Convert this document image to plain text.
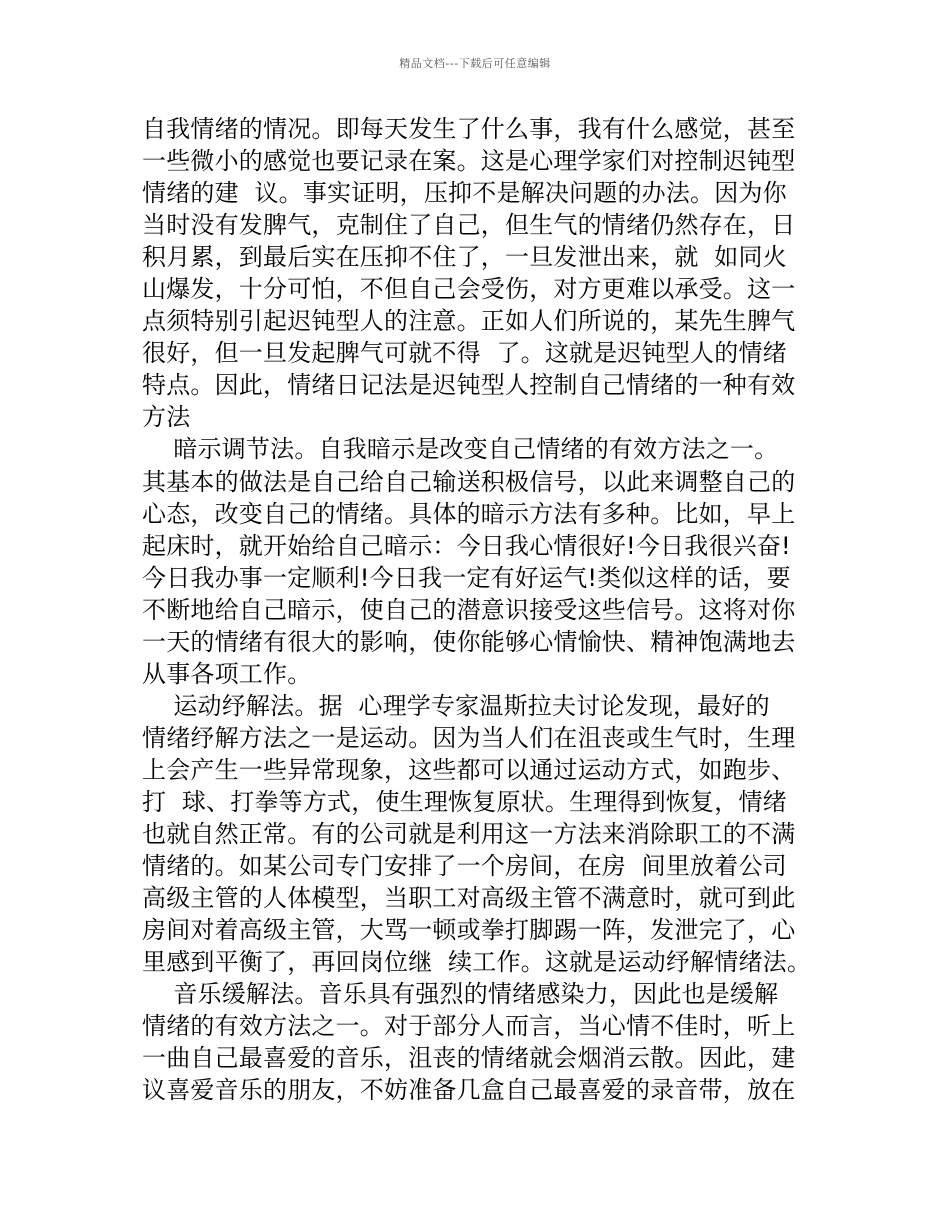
精品文档---下载后可任意编辑
自我情绪的情况。即每天发生了什么事，我有什么感觉，甚至
一些微小的感觉也要记录在案。这是心理学家们对控制迟钝型
情绪的建  议。事实证明，压抑不是解决问题的办法。因为你
当时没有发脾气，克制住了自己，但生气的情绪仍然存在，日
积月累，到最后实在压抑不住了，一旦发泄出来，就  如同火
山爆发，十分可怕，不但自己会受伤，对方更难以承受。这一
点须特别引起迟钝型人的注意。正如人们所说的，某先生脾气
很好，但一旦发起脾气可就不得  了。这就是迟钝型人的情绪
特点。因此，情绪日记法是迟钝型人控制自己情绪的一种有效
方法
暗示调节法。自我暗示是改变自己情绪的有效方法之一。
其基本的做法是自己给自己输送积极信号，以此来调整自己的
心态，改变自己的情绪。具体的暗示方法有多种。比如，早上
起床时，就开始给自己暗示：今日我心情很好!今日我很兴奋!
今日我办事一定顺利!今日我一定有好运气!类似这样的话，要
不断地给自己暗示，使自己的潜意识接受这些信号。这将对你
一天的情绪有很大的影响，使你能够心情愉快、精神饱满地去
从事各项工作。
运动纾解法。据  心理学专家温斯拉夫讨论发现，最好的
情绪纾解方法之一是运动。因为当人们在沮丧或生气时，生理
上会产生一些异常现象，这些都可以通过运动方式，如跑步、
打  球、打拳等方式，使生理恢复原状。生理得到恢复，情绪
也就自然正常。有的公司就是利用这一方法来消除职工的不满
情绪的。如某公司专门安排了一个房间，在房  间里放着公司
高级主管的人体模型，当职工对高级主管不满意时，就可到此
房间对着高级主管，大骂一顿或拳打脚踢一阵，发泄完了，心
里感到平衡了，再回岗位继  续工作。这就是运动纾解情绪法。
音乐缓解法。音乐具有强烈的情绪感染力，因此也是缓解
情绪的有效方法之一。对于部分人而言，当心情不佳时，听上
一曲自己最喜爱的音乐，沮丧的情绪就会烟消云散。因此，建
议喜爱音乐的朋友，不妨准备几盒自己最喜爱的录音带，放在
